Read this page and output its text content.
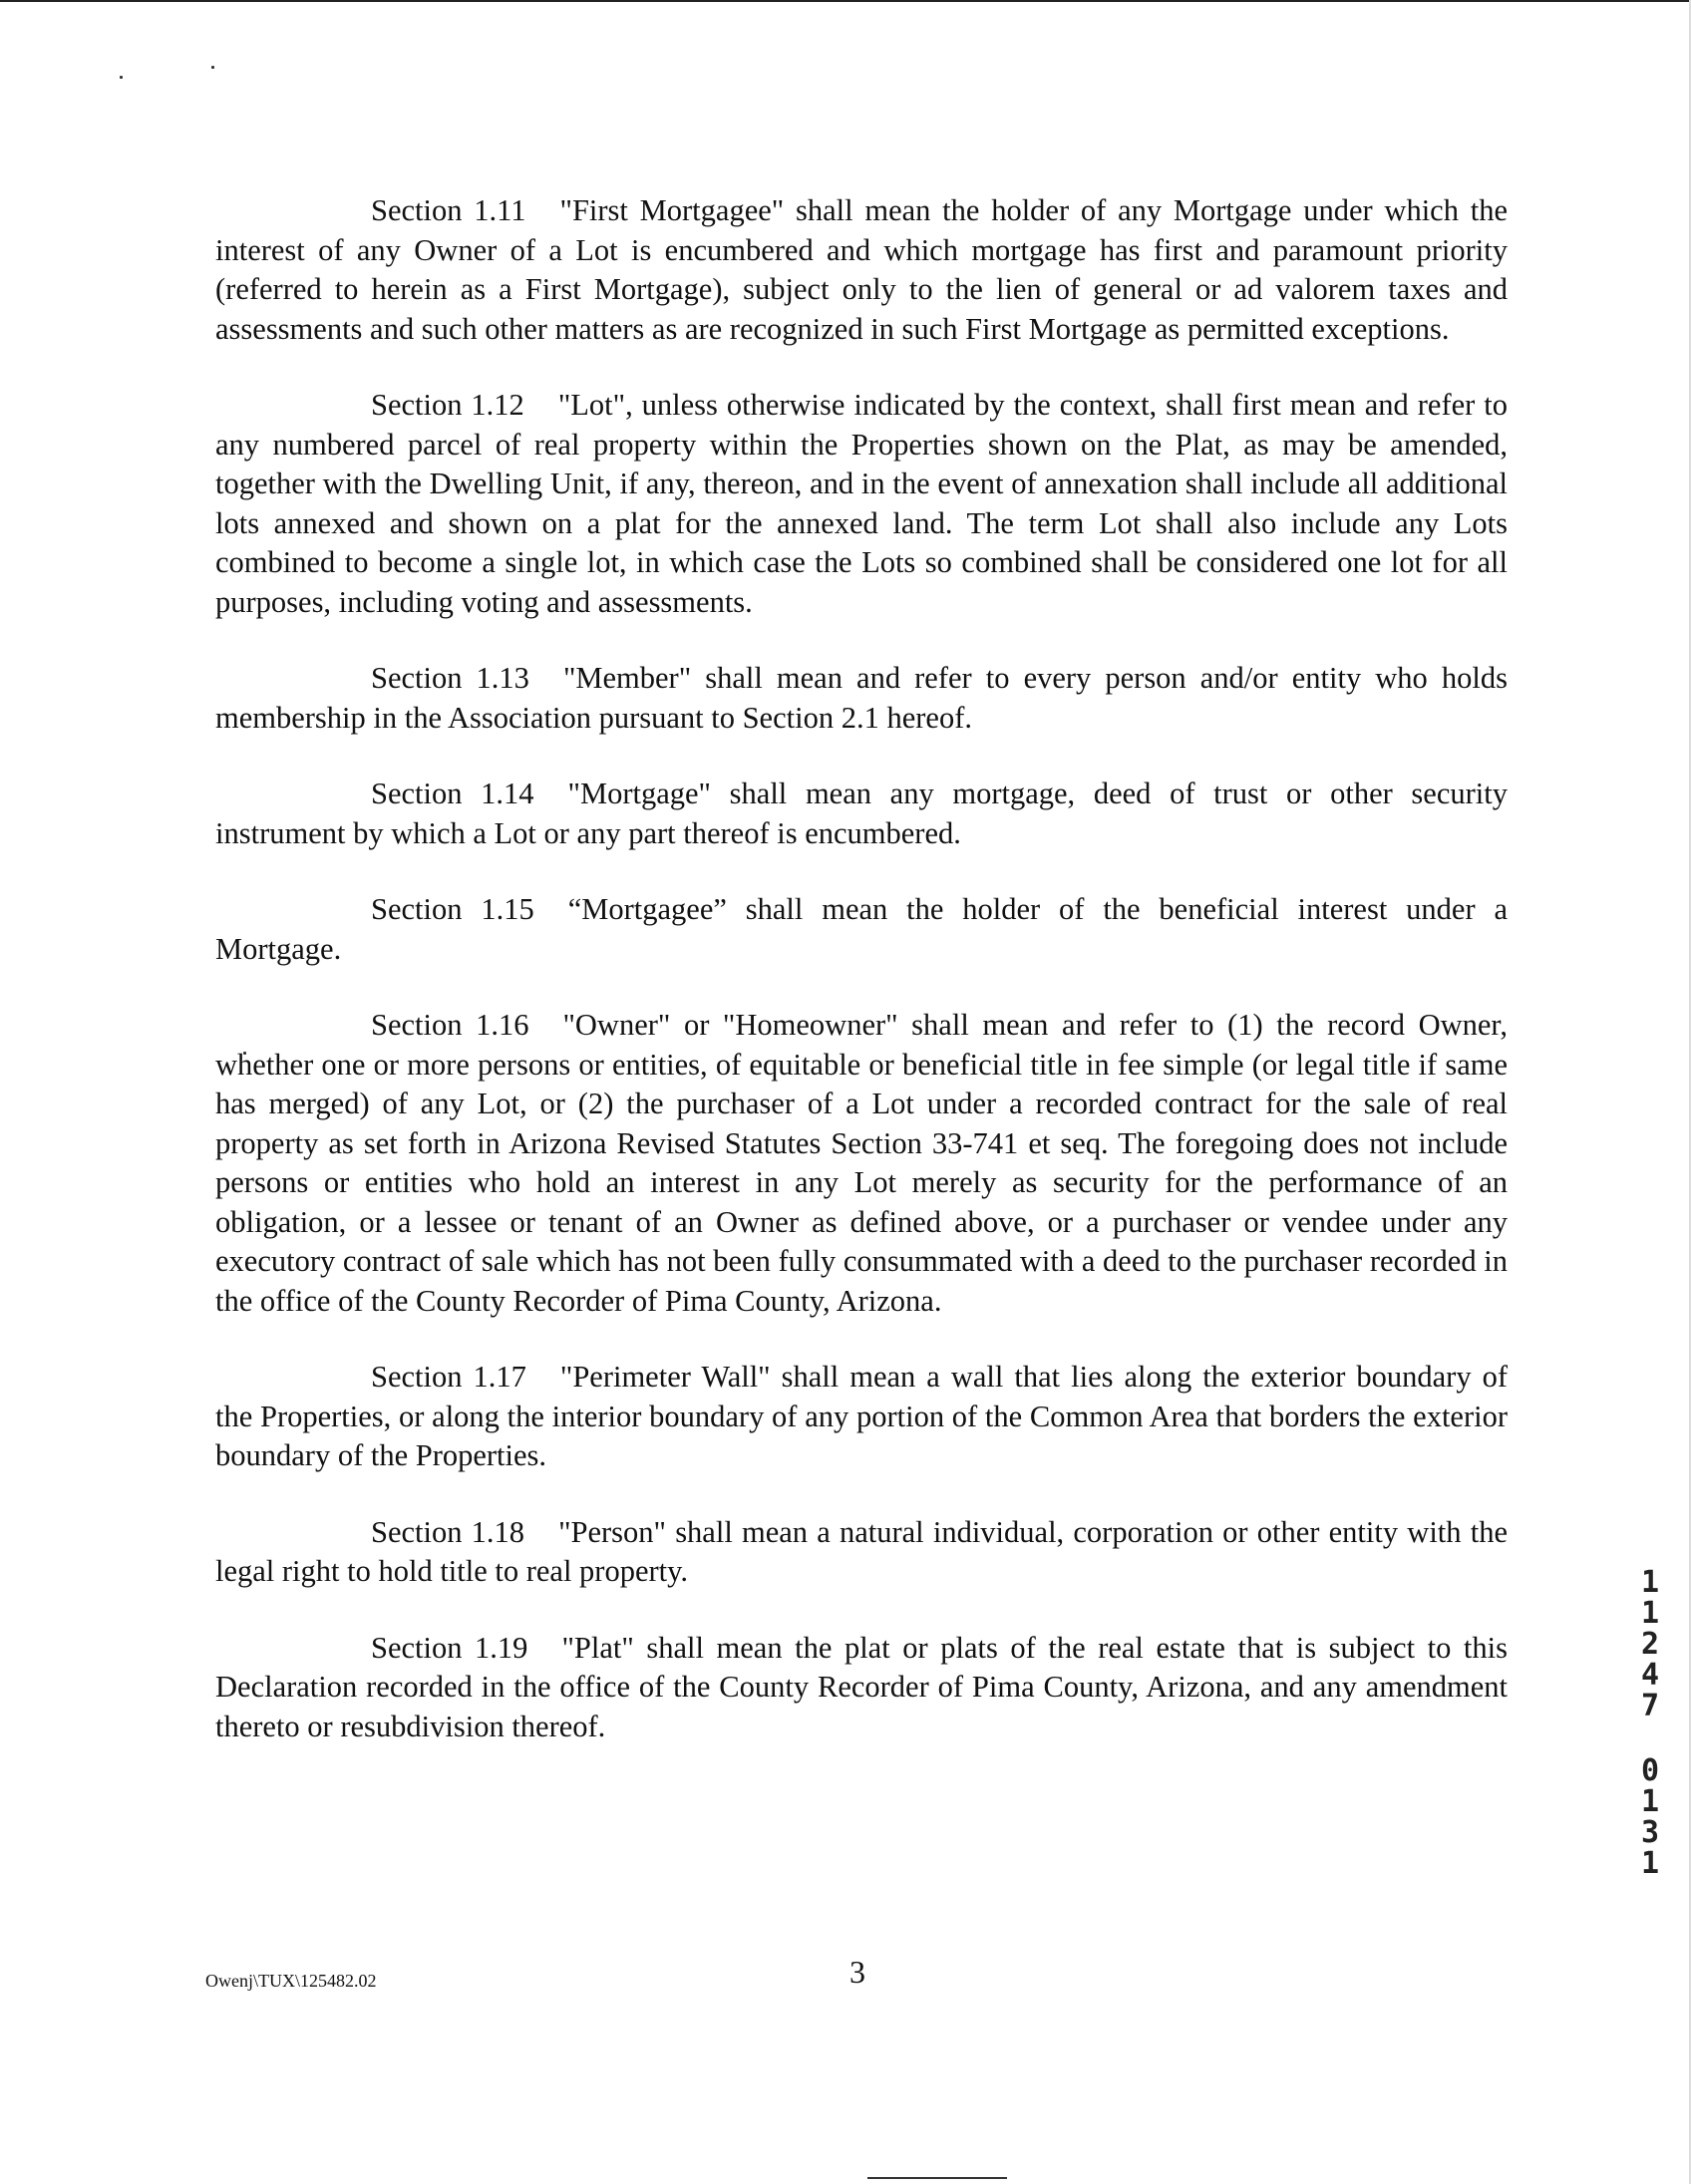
Section 1.11 "First Mortgagee" shall mean the holder of any Mortgage under which the interest of any Owner of a Lot is encumbered and which mortgage has first and paramount priority (referred to herein as a First Mortgage), subject only to the lien of general or ad valorem taxes and assessments and such other matters as are recognized in such First Mortgage as permitted exceptions.

Section 1.12 "Lot", unless otherwise indicated by the context, shall first mean and refer to any numbered parcel of real property within the Properties shown on the Plat, as may be amended, together with the Dwelling Unit, if any, thereon, and in the event of annexation shall include all additional lots annexed and shown on a plat for the annexed land. The term Lot shall also include any Lots combined to become a single lot, in which case the Lots so combined shall be considered one lot for all purposes, including voting and assessments.

Section 1.13 "Member" shall mean and refer to every person and/or entity who holds membership in the Association pursuant to Section 2.1 hereof.

Section 1.14 "Mortgage" shall mean any mortgage, deed of trust or other security instrument by which a Lot or any part thereof is encumbered.

Section 1.15 “Mortgagee” shall mean the holder of the beneficial interest under a Mortgage.

Section 1.16 "Owner" or "Homeowner" shall mean and refer to (1) the record Owner, whether one or more persons or entities, of equitable or beneficial title in fee simple (or legal title if same has merged) of any Lot, or (2) the purchaser of a Lot under a recorded contract for the sale of real property as set forth in Arizona Revised Statutes Section 33-741 et seq. The foregoing does not include persons or entities who hold an interest in any Lot merely as security for the performance of an obligation, or a lessee or tenant of an Owner as defined above, or a purchaser or vendee under any executory contract of sale which has not been fully consummated with a deed to the purchaser recorded in the office of the County Recorder of Pima County, Arizona.

Section 1.17 "Perimeter Wall" shall mean a wall that lies along the exterior boundary of the Properties, or along the interior boundary of any portion of the Common Area that borders the exterior boundary of the Properties.

Section 1.18 "Person" shall mean a natural individual, corporation or other entity with the legal right to hold title to real property.

Section 1.19 "Plat" shall mean the plat or plats of the real estate that is subject to this Declaration recorded in the office of the County Recorder of Pima County, Arizona, and any amendment thereto or resubdivision thereof.

Owenj\TUX\125482.02	3
1
1
2
4
7
0
1
3
1
